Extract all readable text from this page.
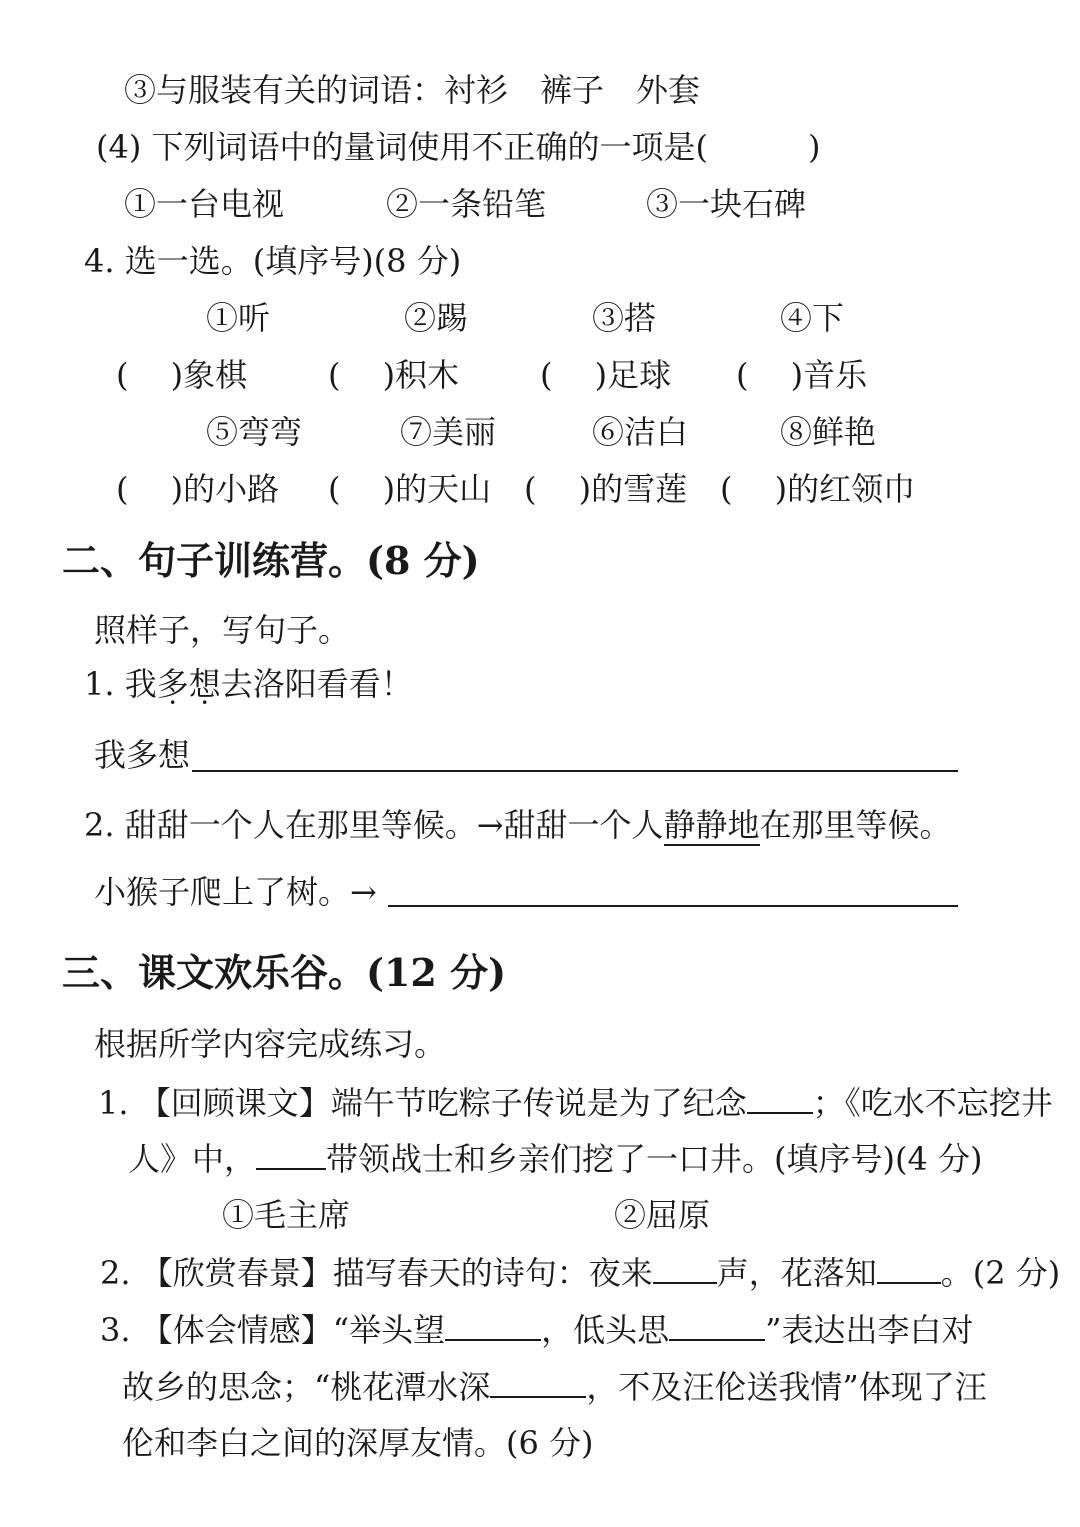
③与服装有关的词语：衬衫　裤子　外套
(4) 下列词语中的量词使用不正确的一项是(	)
①一台电视	②一条铅笔	③一块石碑
4. 选一选。(填序号)(8 分)
①听	②踢	③搭	④下
(　 )象棋	(　 )积木	(　 )足球 (　 )音乐
⑤弯弯	⑦美丽	⑥洁白	⑧鲜艳
(　 )的小路 (　 )的天山 (　 )的雪莲 (　 )的红领巾
二、句子训练营。(8 分)
照样子，写句子。
1. 我多想去洛阳看看！
我多想
2. 甜甜一个人在那里等候。→甜甜一个人静静地在那里等候。
小猴子爬上了树。→
三、课文欢乐谷。(12 分)
根据所学内容完成练习。
1. 【回顾课文】端午节吃粽子传说是为了纪念 ；《吃水不忘挖井
人》中， 带领战士和乡亲们挖了一口井。(填序号)(4 分)
①毛主席	②屈原
2. 【欣赏春景】描写春天的诗句：夜来 声，花落知 。(2 分)
3. 【体会情感】“举头望	，低头思	”表达出李白对
故乡的思念；“桃花潭水深	，不及汪伦送我情”体现了汪
伦和李白之间的深厚友情。(6 分)
